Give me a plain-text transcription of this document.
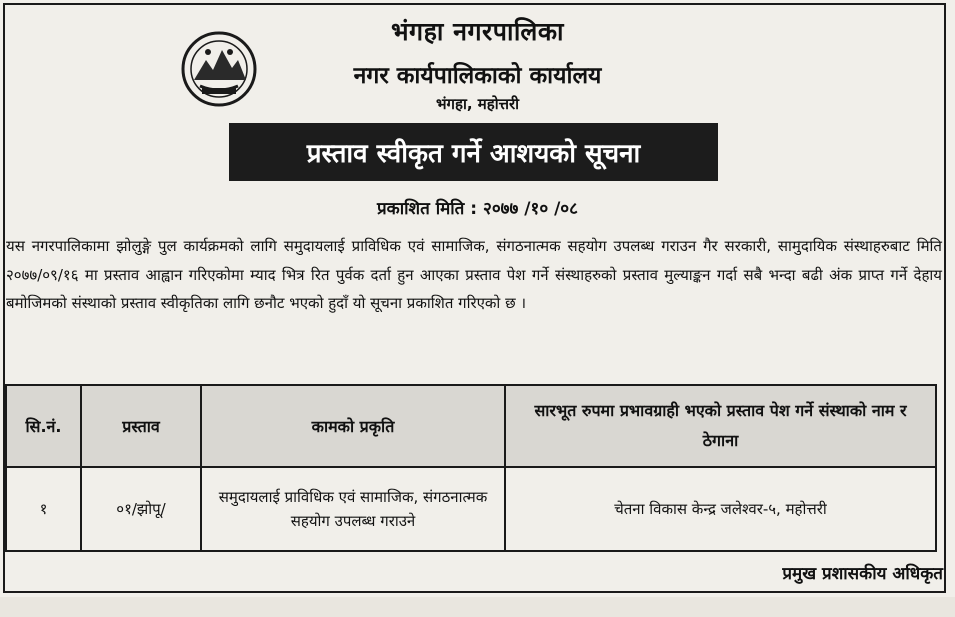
भंगहा नगरपालिका
नगर कार्यपालिकाको कार्यालय
भंगहा, महोत्तरी
प्रस्ताव स्वीकृत गर्ने आशयको सूचना
प्रकाशित मिति : २०७७ /१० /०८
यस नगरपालिकामा झोलुङ्गे पुल कार्यक्रमको लागि समुदायलाई प्राविधिक एवं सामाजिक, संगठनात्मक सहयोग उपलब्ध गराउन गैर सरकारी, सामुदायिक संस्थाहरुबाट मिति २०७७/०९/१६ मा प्रस्ताव आह्वान गरिएकोमा म्याद भित्र रित पुर्वक दर्ता हुन आएका प्रस्ताव पेश गर्ने संस्थाहरुको प्रस्ताव मुल्याङ्कन गर्दा सबै भन्दा बढी अंक प्राप्त गर्ने देहाय बमोजिमको संस्थाको प्रस्ताव स्वीकृतिका लागि छनौट भएको हुदाँ यो सूचना प्रकाशित गरिएको छ ।
सि.नं.	प्रस्ताव	कामको प्रकृति	सारभूत रुपमा प्रभावग्राही भएको प्रस्ताव पेश गर्ने संस्थाको नाम र ठेगाना
१	०१/झोपू/	समुदायलाई प्राविधिक एवं सामाजिक, संगठनात्मक सहयोग उपलब्ध गराउने	चेतना विकास केन्द्र जलेश्वर-५, महोत्तरी
प्रमुख प्रशासकीय अधिकृत
